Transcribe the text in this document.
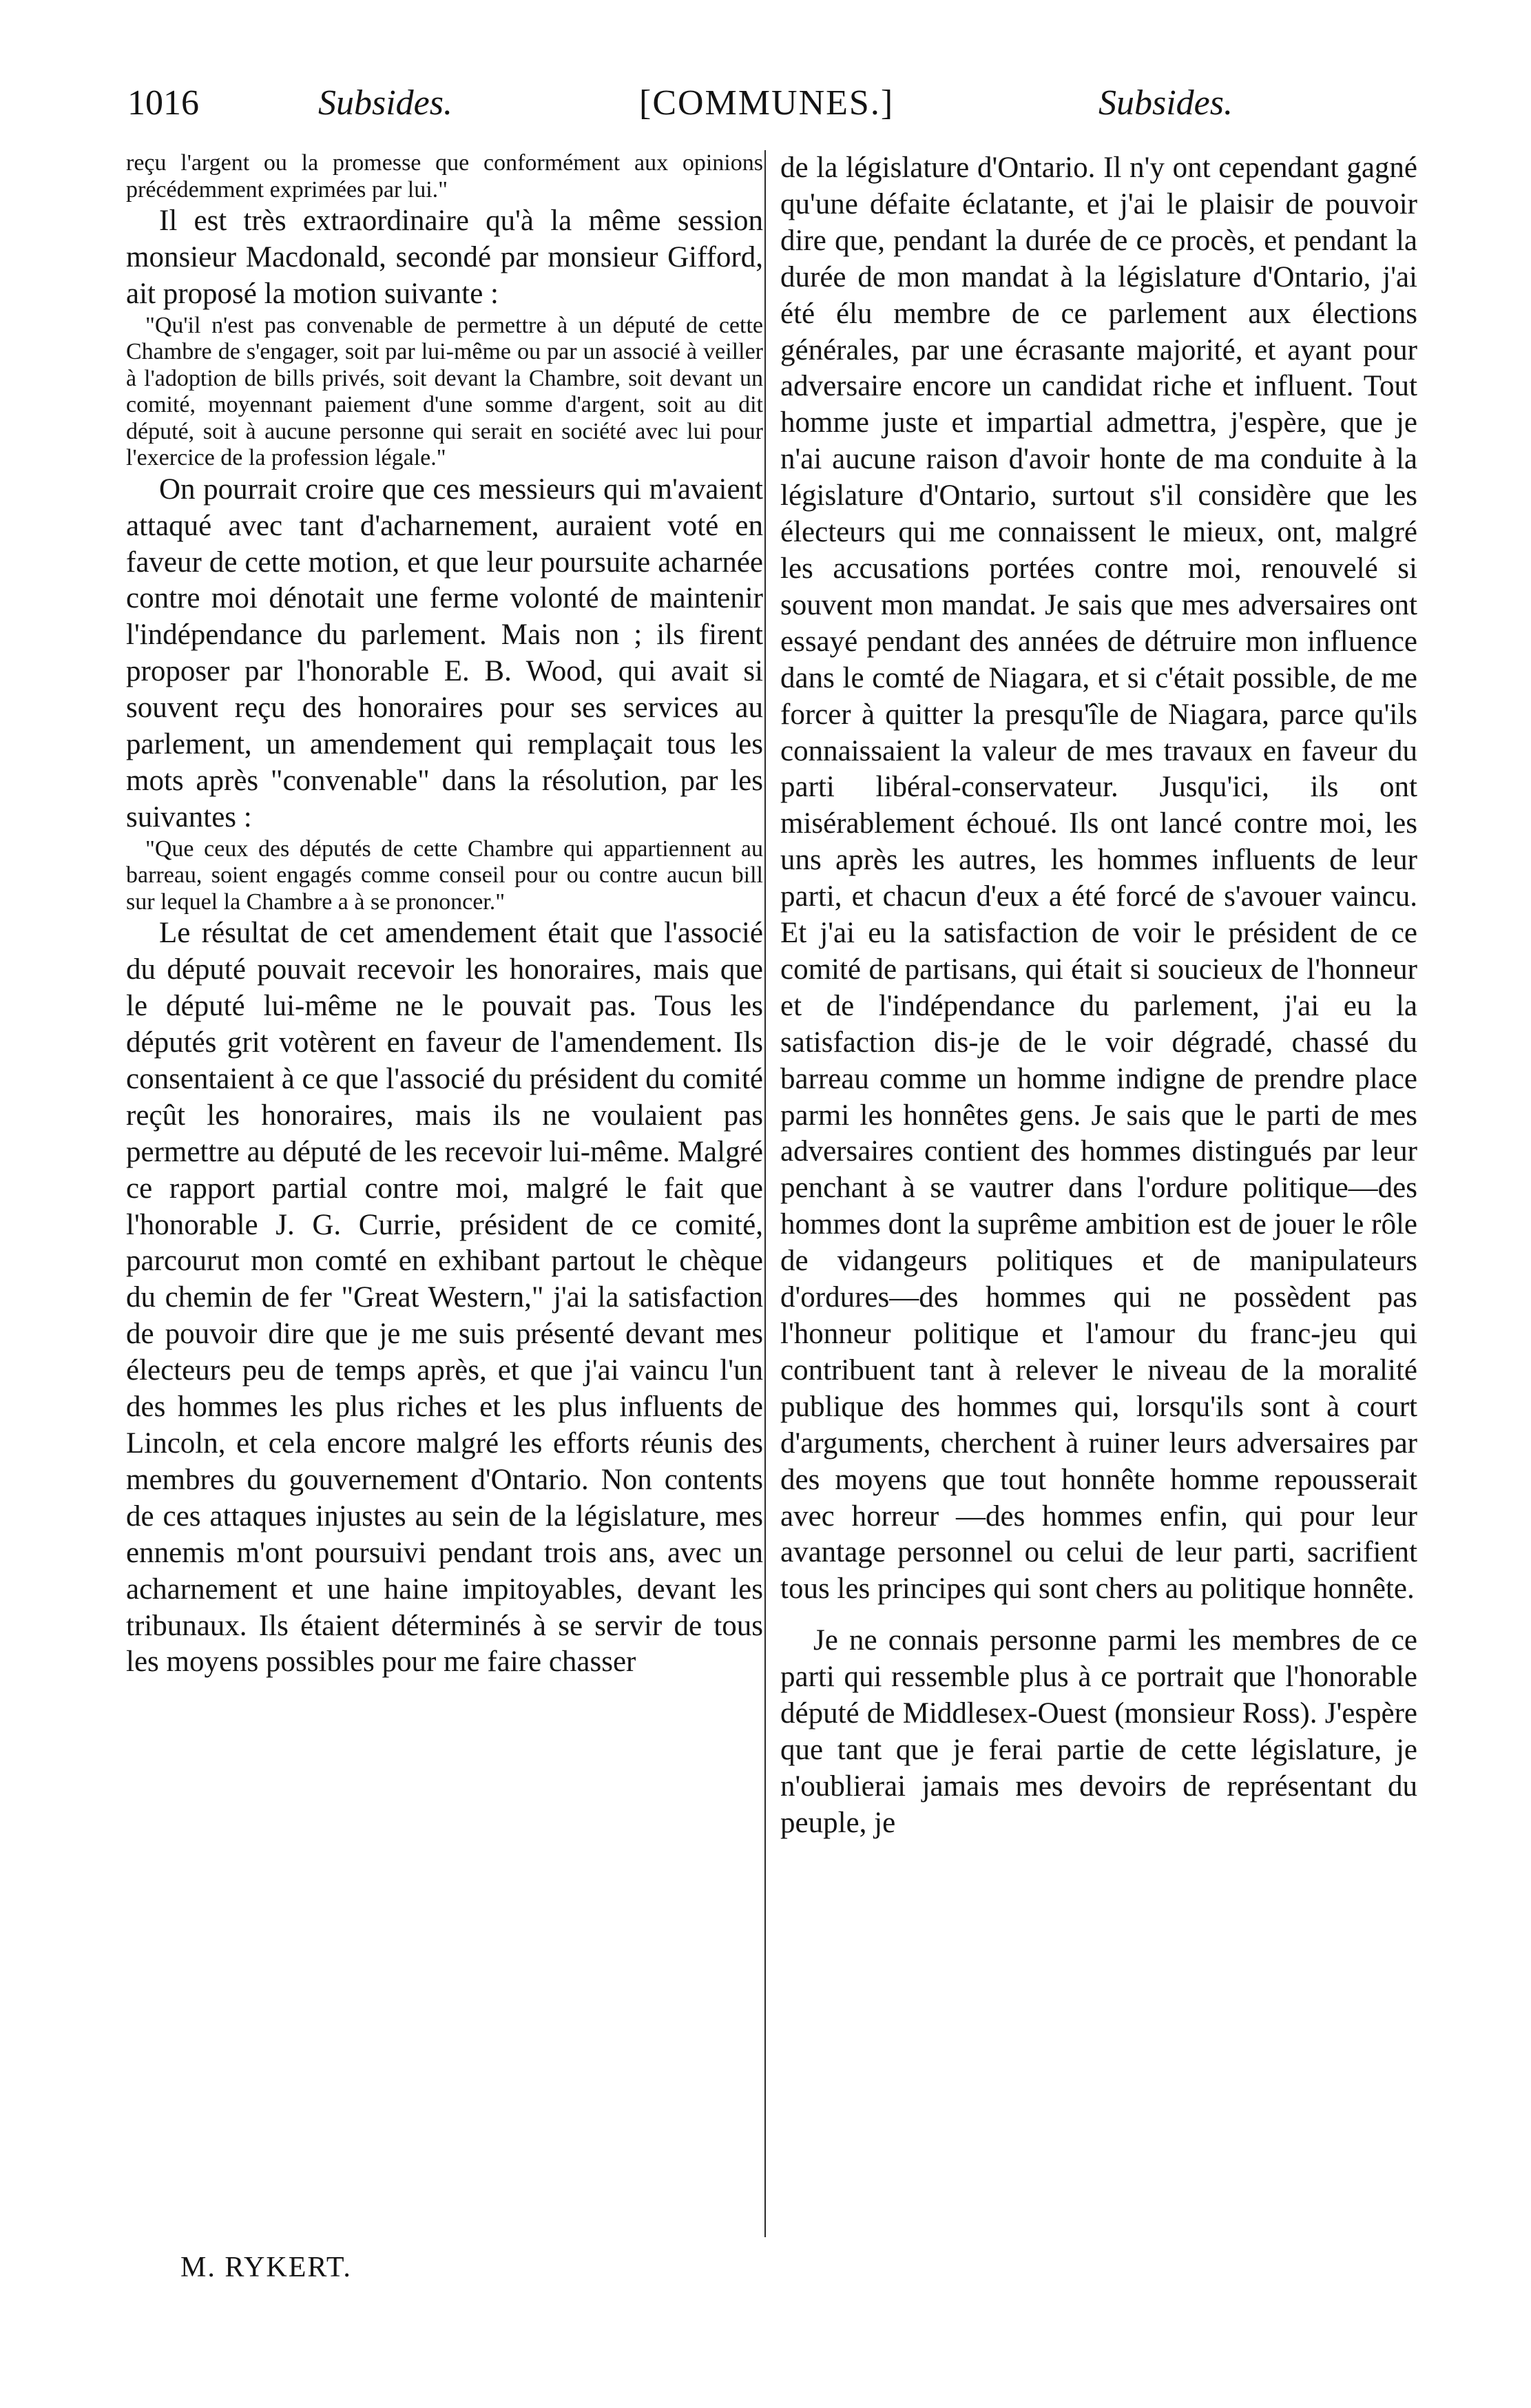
1016	Subsides.	[COMMUNES.]	Subsides.

reçu l'argent ou la promesse que conformément aux opinions précédemment exprimées par lui."

Il est très extraordinaire qu'à la même session monsieur Macdonald, secondé par monsieur Gifford, ait proposé la motion suivante :

"Qu'il n'est pas convenable de permettre à un député de cette Chambre de s'engager, soit par lui-même ou par un associé à veiller à l'adoption de bills privés, soit devant la Chambre, soit devant un comité, moyennant paiement d'une somme d'argent, soit au dit député, soit à aucune personne qui serait en société avec lui pour l'exercice de la profession légale."

On pourrait croire que ces messieurs qui m'avaient attaqué avec tant d'acharnement, auraient voté en faveur de cette motion, et que leur poursuite acharnée contre moi dénotait une ferme volonté de maintenir l'indépendance du parlement. Mais non ; ils firent proposer par l'honorable E. B. Wood, qui avait si souvent reçu des honoraires pour ses services au parlement, un amendement qui remplaçait tous les mots après "convenable" dans la résolution, par les suivantes :

"Que ceux des députés de cette Chambre qui appartiennent au barreau, soient engagés comme conseil pour ou contre aucun bill sur lequel la Chambre a à se prononcer."

Le résultat de cet amendement était que l'associé du député pouvait recevoir les honoraires, mais que le député lui-même ne le pouvait pas. Tous les députés grit votèrent en faveur de l'amendement. Ils consentaient à ce que l'associé du président du comité reçût les honoraires, mais ils ne voulaient pas permettre au député de les recevoir lui-même. Malgré ce rapport partial contre moi, malgré le fait que l'honorable J. G. Currie, président de ce comité, parcourut mon comté en exhibant partout le chèque du chemin de fer "Great Western," j'ai la satisfaction de pouvoir dire que je me suis présenté devant mes électeurs peu de temps après, et que j'ai vaincu l'un des hommes les plus riches et les plus influents de Lincoln, et cela encore malgré les efforts réunis des membres du gouvernement d'Ontario. Non contents de ces attaques injustes au sein de la législature, mes ennemis m'ont poursuivi pendant trois ans, avec un acharnement et une haine impitoyables, devant les tribunaux. Ils étaient déterminés à se servir de tous les moyens possibles pour me faire chasser

de la législature d'Ontario. Il n'y ont cependant gagné qu'une défaite éclatante, et j'ai le plaisir de pouvoir dire que, pendant la durée de ce procès, et pendant la durée de mon mandat à la législature d'Ontario, j'ai été élu membre de ce parlement aux élections générales, par une écrasante majorité, et ayant pour adversaire encore un candidat riche et influent. Tout homme juste et impartial admettra, j'espère, que je n'ai aucune raison d'avoir honte de ma conduite à la législature d'Ontario, surtout s'il considère que les électeurs qui me connaissent le mieux, ont, malgré les accusations portées contre moi, renouvelé si souvent mon mandat. Je sais que mes adversaires ont essayé pendant des années de détruire mon influence dans le comté de Niagara, et si c'était possible, de me forcer à quitter la presqu'île de Niagara, parce qu'ils connaissaient la valeur de mes travaux en faveur du parti libéral-conservateur. Jusqu'ici, ils ont misérablement échoué. Ils ont lancé contre moi, les uns après les autres, les hommes influents de leur parti, et chacun d'eux a été forcé de s'avouer vaincu. Et j'ai eu la satisfaction de voir le président de ce comité de partisans, qui était si soucieux de l'honneur et de l'indépendance du parlement, j'ai eu la satisfaction dis-je de le voir dégradé, chassé du barreau comme un homme indigne de prendre place parmi les honnêtes gens. Je sais que le parti de mes adversaires contient des hommes distingués par leur penchant à se vautrer dans l'ordure politique—des hommes dont la suprême ambition est de jouer le rôle de vidangeurs politiques et de manipulateurs d'ordures—des hommes qui ne possèdent pas l'honneur politique et l'amour du franc-jeu qui contribuent tant à relever le niveau de la moralité publique des hommes qui, lorsqu'ils sont à court d'arguments, cherchent à ruiner leurs adversaires par des moyens que tout honnête homme repousserait avec horreur —des hommes enfin, qui pour leur avantage personnel ou celui de leur parti, sacrifient tous les principes qui sont chers au politique honnête.

Je ne connais personne parmi les membres de ce parti qui ressemble plus à ce portrait que l'honorable député de Middlesex-Ouest (monsieur Ross). J'espère que tant que je ferai partie de cette législature, je n'oublierai jamais mes devoirs de représentant du peuple, je

M. RYKERT.
